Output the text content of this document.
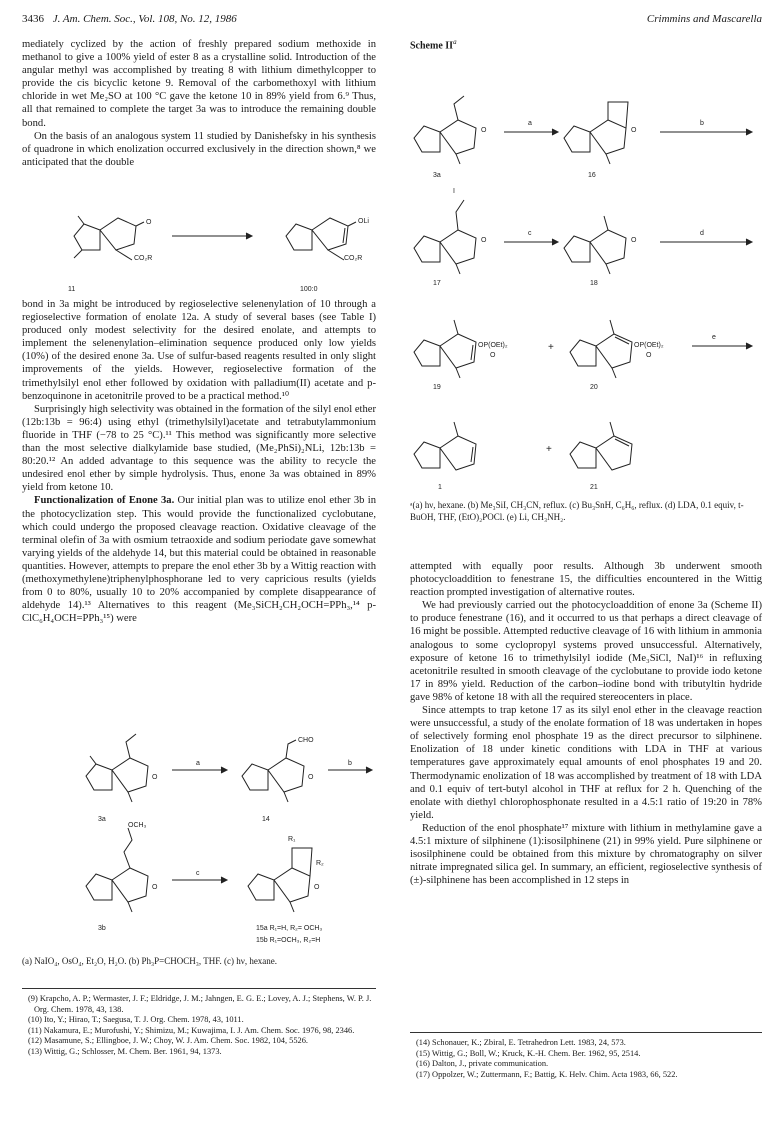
3436 J. Am. Chem. Soc., Vol. 108, No. 12, 1986	Crimmins and Mascarella

mediately cyclized by the action of freshly prepared sodium methoxide in methanol to give a 100% yield of ester 8 as a crystalline solid. Introduction of the angular methyl was accomplished by treating 8 with lithium dimethylcopper to provide the cis bicyclic ketone 9. Removal of the carbomethoxyl with lithium chloride in wet Me₂SO at 100 °C gave the ketone 10 in 89% yield from 6.⁹ Thus, all that remained to complete the target 3a was to introduce the remaining double bond.

On the basis of an analogous system 11 studied by Danishefsky in his synthesis of quadrone in which enolization occurred exclusively in the direction shown,⁸ we anticipated that the double

O
CO₂R
OLi
CO₂R
11	100:0

bond in 3a might be introduced by regioselective selenenylation of 10 through a regioselective formation of enolate 12a. A study of several bases (see Table I) produced only modest selectivity for the desired enolate, and attempts to implement the selenenylation–elimination sequence produced only low yields (10%) of the desired enone 3a. Use of sulfur-based reagents resulted in only slight improvements of the yields. However, regioselective formation of the trimethylsilyl enol ether followed by oxidation with palladium(II) acetate and p-benzoquinone in acetonitrile proved to be a practical method.¹⁰

Surprisingly high selectivity was obtained in the formation of the silyl enol ether (12b:13b = 96:4) using ethyl (trimethylsilyl)acetate and tetrabutylammonium fluoride in THF (−78 to 25 °C).¹¹ This method was significantly more selective than the most selective dialkylamide base studied, (Me₂PhSi)₂NLi, 12b:13b = 80:20.¹² An added advantage to this sequence was the ability to recycle the undesired enol ether by simple hydrolysis. Thus, enone 3a was obtained in 89% yield from ketone 10.

Functionalization of Enone 3a. Our initial plan was to utilize enol ether 3b in the photocyclization step. This would provide the functionalized cyclobutane, which could undergo the proposed cleavage reaction. Oxidative cleavage of the terminal olefin of 3a with osmium tetraoxide and sodium periodate gave somewhat varying yields of the aldehyde 14, but this material could be obtained in reasonable quantities. However, attempts to prepare the enol ether 3b by a Wittig reaction with (methoxymethylene)triphenylphosphorane led to very capricious results (yields from 0 to 80%, usually 10 to 20% accompanied by complete disappearance of aldehyde 14).¹³ Alternatives to this reagent (Me₃SiCH₂CH₂OCH=PPh₃,¹⁴ p-ClC₆H₄OCH=PPh₃¹⁵) were

O
a
CHO
O
b
3a	14
OCH₃
R₁
R₂
O
c
O
3b	15a R₁=H, R₂= OCH₃
15b R₁=OCH₃, R₂=H
(a) NaIO₄, OsO₄, Et₂O, H₂O. (b) Ph₃P=CHOCH₃, THF. (c) hν, hexane.
(9) Krapcho, A. P.; Wermaster, J. F.; Eldridge, J. M.; Jahngen, E. G. E.; Lovey, A. J.; Stephens, W. P. J. Org. Chem. 1978, 43, 138.
(10) Ito, Y.; Hirao, T.; Saegusa, T. J. Org. Chem. 1978, 43, 1011.
(11) Nakamura, E.; Murofushi, Y.; Shimizu, M.; Kuwajima, I. J. Am. Chem. Soc. 1976, 98, 2346.
(12) Masamune, S.; Ellingboe, J. W.; Choy, W. J. Am. Chem. Soc. 1982, 104, 5526.
(13) Wittig, G.; Schlosser, M. Chem. Ber. 1961, 94, 1373.
Scheme $II^a$
O
a
O
b
3a	16
I
O
c
O
d
17	18
OP(OEt)₂
O
+	OP(OEt)₂
O
e
19	20
+
1	21
ᵃ(a) hν, hexane. (b) Me₃SiI, CH₃CN, reflux. (c) Bu₃SnH, C₆H₆, reflux. (d) LDA, 0.1 equiv, t-BuOH, THF, (EtO)₂POCl. (e) Li, CH₃NH₂.

attempted with equally poor results. Although 3b underwent smooth photocycloaddition to fenestrane 15, the difficulties encountered in the Wittig reaction prompted investigation of alternative routes.

We had previously carried out the photocycloaddition of enone 3a (Scheme II) to produce fenestrane (16), and it occurred to us that perhaps a direct cleavage of 16 might be possible. Attempted reductive cleavage of 16 with lithium in ammonia analogous to some cyclopropyl systems proved unsuccessful. Alternatively, exposure of ketone 16 to trimethylsilyl iodide (Me₃SiCl, NaI)¹⁶ in refluxing acetonitrile resulted in smooth cleavage of the cyclobutane to provide iodo ketone 17 in 89% yield. Reduction of the carbon–iodine bond with tributyltin hydride gave 98% of ketone 18 with all the required stereocenters in place.

Since attempts to trap ketone 17 as its silyl enol ether in the cleavage reaction were unsuccessful, a study of the enolate formation of 18 was undertaken in hopes of selectively forming enol phosphate 19 as the direct precursor to silphinene. Enolization of 18 under kinetic conditions with LDA in THF at various temperatures gave approximately equal amounts of enol phosphates 19 and 20. Thermodynamic enolization of 18 was accomplished by treatment of 18 with LDA and 0.1 equiv of tert-butyl alcohol in THF at reflux for 2 h. Quenching of the enolate with diethyl chlorophosphonate resulted in a 4.5:1 ratio of 19:20 in 78% yield.

Reduction of the enol phosphate¹⁷ mixture with lithium in methylamine gave a 4.5:1 mixture of silphinene (1):isosilphinene (21) in 99% yield. Pure silphinene or isosilphinene could be obtained from this mixture by chromatography on silver nitrate impregnated silica gel. In summary, an efficient, regioselective synthesis of (±)-silphinene has been accomplished in 12 steps in

(14) Schonauer, K.; Zbiral, E. Tetrahedron Lett. 1983, 24, 573.
(15) Wittig, G.; Boll, W.; Kruck, K.-H. Chem. Ber. 1962, 95, 2514.
(16) Dalton, J., private communication.
(17) Oppolzer, W.; Zuttermann, F.; Battig, K. Helv. Chim. Acta 1983, 66, 522.
